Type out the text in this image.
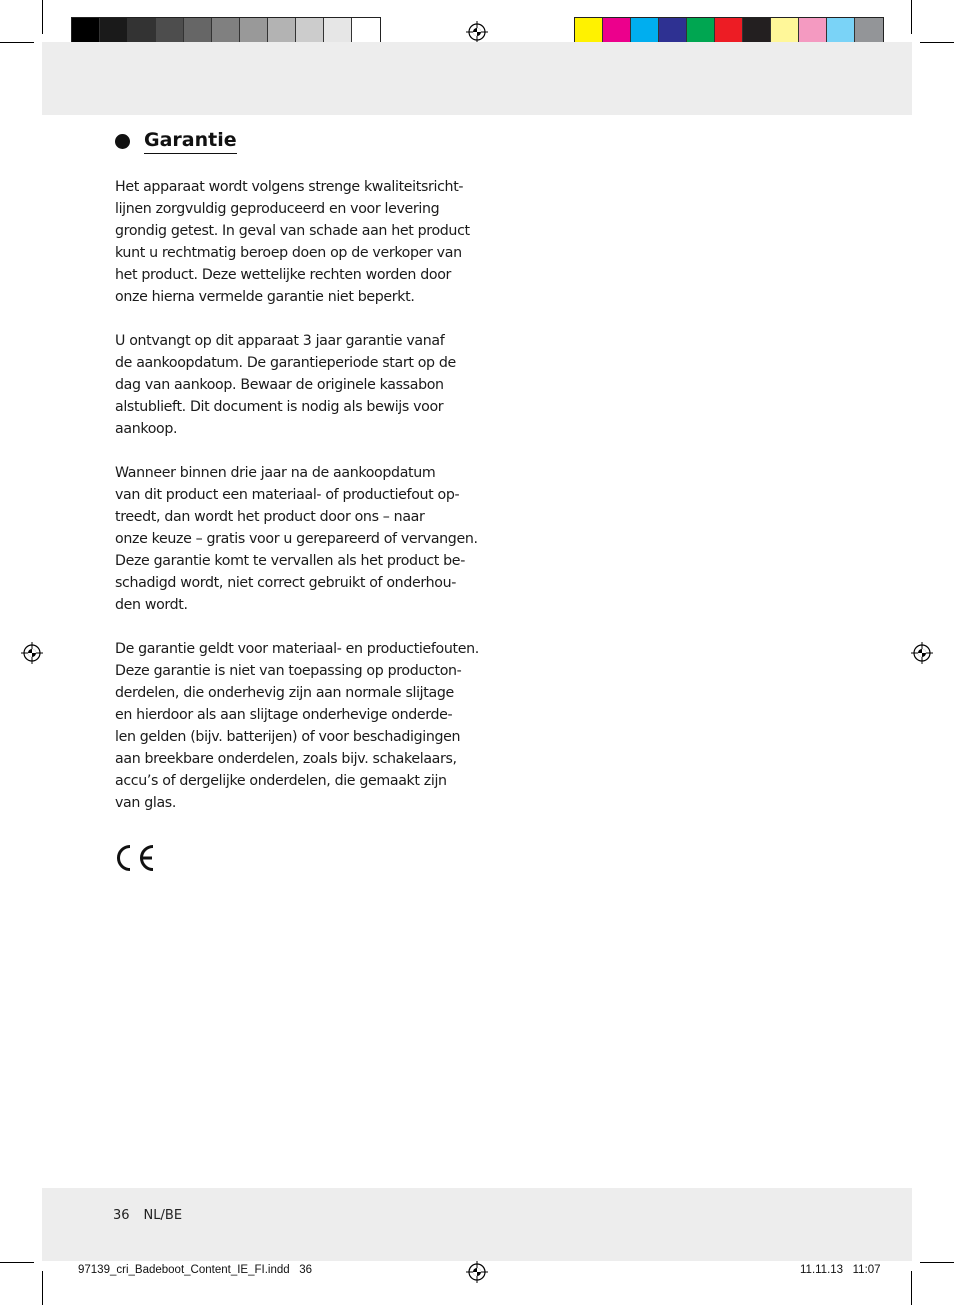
Garantie
Het apparaat wordt volgens strenge kwaliteitsricht-
lijnen zorgvuldig geproduceerd en voor levering
grondig getest. In geval van schade aan het product
kunt u rechtmatig beroep doen op de verkoper van
het product. Deze wettelijke rechten worden door
onze hierna vermelde garantie niet beperkt.
U ontvangt op dit apparaat 3 jaar garantie vanaf
de aankoopdatum. De garantieperiode start op de
dag van aankoop. Bewaar de originele kassabon
alstublieft. Dit document is nodig als bewijs voor
aankoop.
Wanneer binnen drie jaar na de aankoopdatum
van dit product een materiaal- of productiefout op-
treedt, dan wordt het product door ons – naar
onze keuze – gratis voor u gerepareerd of vervangen.
Deze garantie komt te vervallen als het product be-
schadigd wordt, niet correct gebruikt of onderhou-
den wordt.
De garantie geldt voor materiaal- en productiefouten.
Deze garantie is niet van toepassing op producton-
derdelen, die onderhevig zijn aan normale slijtage
en hierdoor als aan slijtage onderhevige onderde-
len gelden (bijv. batterijen) of voor beschadigingen
aan breekbare onderdelen, zoals bijv. schakelaars,
accu’s of dergelijke onderdelen, die gemaakt zijn
van glas.
36 NL/BE
97139_cri_Badeboot_Content_IE_FI.indd   36	11.11.13   11:07
